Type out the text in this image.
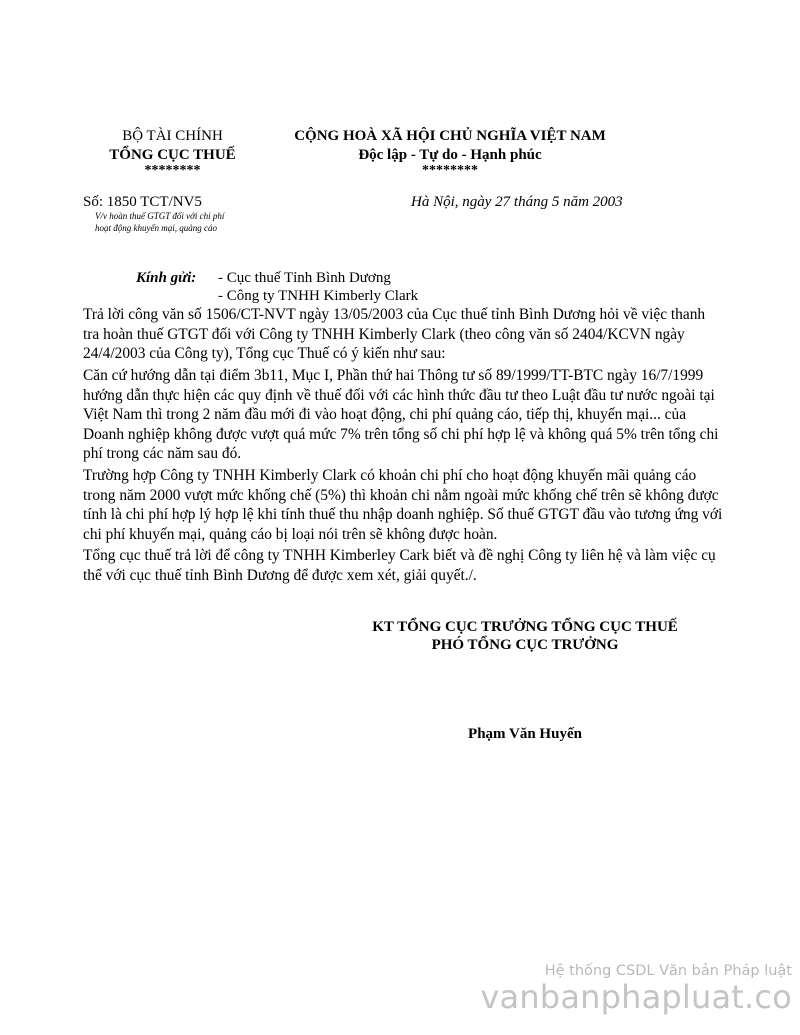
BỘ TÀI CHÍNH
TỔNG CỤC THUẾ
********
CỘNG HOÀ XÃ HỘI CHỦ NGHĨA VIỆT NAM
Độc lập - Tự do - Hạnh phúc
********
Số: 1850 TCT/NV5
V/v hoàn thuế GTGT đối với chi phí
hoạt động khuyến mại, quảng cáo
Hà Nội, ngày 27 tháng 5 năm 2003
Kính gửi: - Cục thuế Tỉnh Bình Dương
- Công ty TNHH Kimberly Clark
Trả lời công văn số 1506/CT-NVT ngày 13/05/2003 của Cục thuế tỉnh Bình Dương hỏi về việc thanh tra hoàn thuế GTGT đối với Công ty TNHH Kimberly Clark (theo công văn số 2404/KCVN ngày 24/4/2003 của Công ty), Tổng cục Thuế có ý kiến như sau:
Căn cứ hướng dẫn tại điểm 3b11, Mục I, Phần thứ hai Thông tư số 89/1999/TT-BTC ngày 16/7/1999 hướng dẫn thực hiện các quy định về thuế đối với các hình thức đầu tư theo Luật đầu tư nước ngoài tại Việt Nam thì trong 2 năm đầu mới đi vào hoạt động, chi phí quảng cáo, tiếp thị, khuyến mại... của Doanh nghiệp không được vượt quá mức 7% trên tổng số chi phí hợp lệ và không quá 5% trên tổng chi phí trong các năm sau đó.
Trường hợp Công ty TNHH Kimberly Clark có khoản chi phí cho hoạt động khuyến mãi quảng cáo trong năm 2000 vượt mức khống chế (5%) thì khoản chi nằm ngoài mức khống chế trên sẽ không được tính là chi phí hợp lý hợp lệ khi tính thuế thu nhập doanh nghiệp. Số thuế GTGT đầu vào tương ứng với chi phí khuyến mại, quảng cáo bị loại nói trên sẽ không được hoàn.
Tổng cục thuế trả lời để công ty TNHH Kimberley Cark biết và đề nghị Công ty liên hệ và làm việc cụ thể với cục thuế tỉnh Bình Dương để được xem xét, giải quyết./.
KT TỔNG CỤC TRƯỞNG TỔNG CỤC THUẾ
PHÓ TỔNG CỤC TRƯỞNG
Phạm Văn Huyến
Hệ thống CSDL Văn bản Pháp luật
vanbanphapluat.co
